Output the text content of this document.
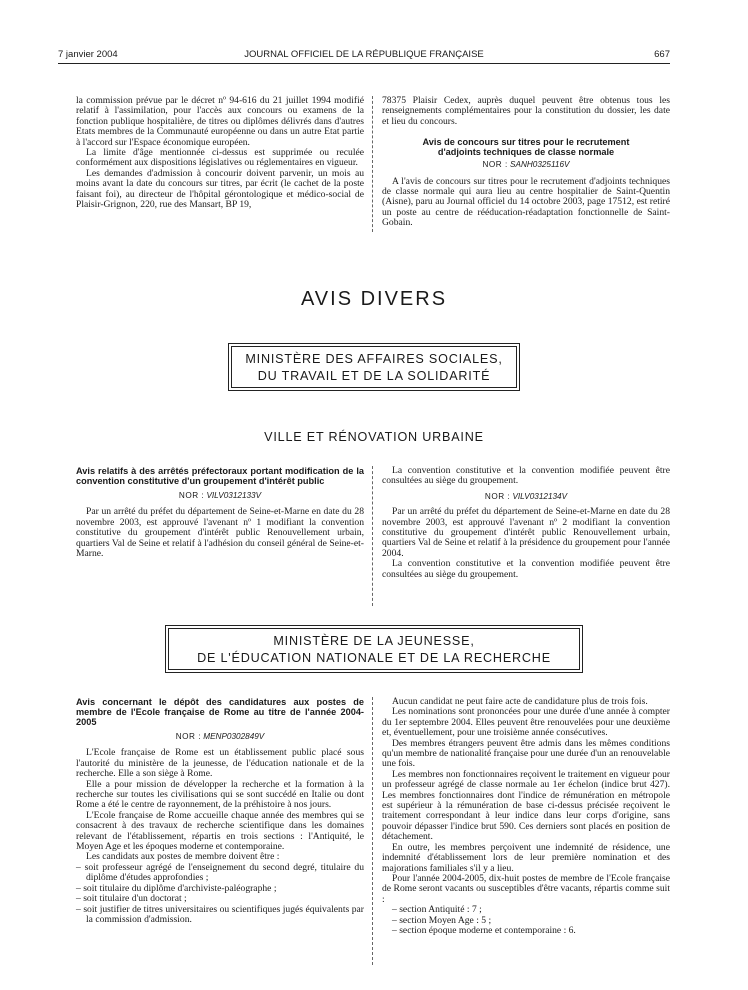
7 janvier 2004	JOURNAL OFFICIEL DE LA RÉPUBLIQUE FRANÇAISE	667

la commission prévue par le décret nº 94-616 du 21 juillet 1994 modifié relatif à l'assimilation, pour l'accès aux concours ou examens de la fonction publique hospitalière, de titres ou diplômes délivrés dans d'autres Etats membres de la Communauté européenne ou dans un autre Etat partie à l'accord sur l'Espace économique européen.

La limite d'âge mentionnée ci-dessus est supprimée ou reculée conformément aux dispositions législatives ou réglementaires en vigueur.

Les demandes d'admission à concourir doivent parvenir, un mois au moins avant la date du concours sur titres, par écrit (le cachet de la poste faisant foi), au directeur de l'hôpital gérontologique et médico-social de Plaisir-Grignon, 220, rue des Mansart, BP 19,

78375 Plaisir Cedex, auprès duquel peuvent être obtenus tous les renseignements complémentaires pour la constitution du dossier, les date et lieu du concours.

Avis de concours sur titres pour le recrutement d'adjoints techniques de classe normale
NOR : SANH0325116V

A l'avis de concours sur titres pour le recrutement d'adjoints techniques de classe normale qui aura lieu au centre hospitalier de Saint-Quentin (Aisne), paru au Journal officiel du 14 octobre 2003, page 17512, est retiré un poste au centre de rééducation-réadaptation fonctionnelle de Saint-Gobain.

AVIS DIVERS
MINISTÈRE DES AFFAIRES SOCIALES,
DU TRAVAIL ET DE LA SOLIDARITÉ
VILLE ET RÉNOVATION URBAINE
Avis relatifs à des arrêtés préfectoraux portant modification de la convention constitutive d'un groupement d'intérêt public
NOR : VILV0312133V

Par un arrêté du préfet du département de Seine-et-Marne en date du 28 novembre 2003, est approuvé l'avenant nº 1 modifiant la convention constitutive du groupement d'intérêt public Renouvellement urbain, quartiers Val de Seine et relatif à l'adhésion du conseil général de Seine-et-Marne.

La convention constitutive et la convention modifiée peuvent être consultées au siège du groupement.

NOR : VILV0312134V

Par un arrêté du préfet du département de Seine-et-Marne en date du 28 novembre 2003, est approuvé l'avenant nº 2 modifiant la convention constitutive du groupement d'intérêt public Renouvellement urbain, quartiers Val de Seine et relatif à la présidence du groupement pour l'année 2004.

La convention constitutive et la convention modifiée peuvent être consultées au siège du groupement.

MINISTÈRE DE LA JEUNESSE,
DE L'ÉDUCATION NATIONALE ET DE LA RECHERCHE
Avis concernant le dépôt des candidatures aux postes de membre de l'Ecole française de Rome au titre de l'année 2004-2005
NOR : MENP0302849V

L'Ecole française de Rome est un établissement public placé sous l'autorité du ministère de la jeunesse, de l'éducation nationale et de la recherche. Elle a son siège à Rome.

Elle a pour mission de développer la recherche et la formation à la recherche sur toutes les civilisations qui se sont succédé en Italie ou dont Rome a été le centre de rayonnement, de la préhistoire à nos jours.

L'Ecole française de Rome accueille chaque année des membres qui se consacrent à des travaux de recherche scientifique dans les domaines relevant de l'établissement, répartis en trois sections : l'Antiquité, le Moyen Age et les époques moderne et contemporaine.

Les candidats aux postes de membre doivent être :

– soit professeur agrégé de l'enseignement du second degré, titulaire du diplôme d'études approfondies ;
– soit titulaire du diplôme d'archiviste-paléographe ;
– soit titulaire d'un doctorat ;
– soit justifier de titres universitaires ou scientifiques jugés équivalents par la commission d'admission.

Aucun candidat ne peut faire acte de candidature plus de trois fois.

Les nominations sont prononcées pour une durée d'une année à compter du 1er septembre 2004. Elles peuvent être renouvelées pour une deuxième et, éventuellement, pour une troisième année consécutives.

Des membres étrangers peuvent être admis dans les mêmes conditions qu'un membre de nationalité française pour une durée d'un an renouvelable une fois.

Les membres non fonctionnaires reçoivent le traitement en vigueur pour un professeur agrégé de classe normale au 1er échelon (indice brut 427). Les membres fonctionnaires dont l'indice de rémunération en métropole est supérieur à la rémunération de base ci-dessus précisée reçoivent le traitement correspondant à leur indice dans leur corps d'origine, sans pouvoir dépasser l'indice brut 590. Ces derniers sont placés en position de détachement.

En outre, les membres perçoivent une indemnité de résidence, une indemnité d'établissement lors de leur première nomination et des majorations familiales s'il y a lieu.

Pour l'année 2004-2005, dix-huit postes de membre de l'Ecole française de Rome seront vacants ou susceptibles d'être vacants, répartis comme suit :

– section Antiquité : 7 ;
– section Moyen Age : 5 ;
– section époque moderne et contemporaine : 6.
